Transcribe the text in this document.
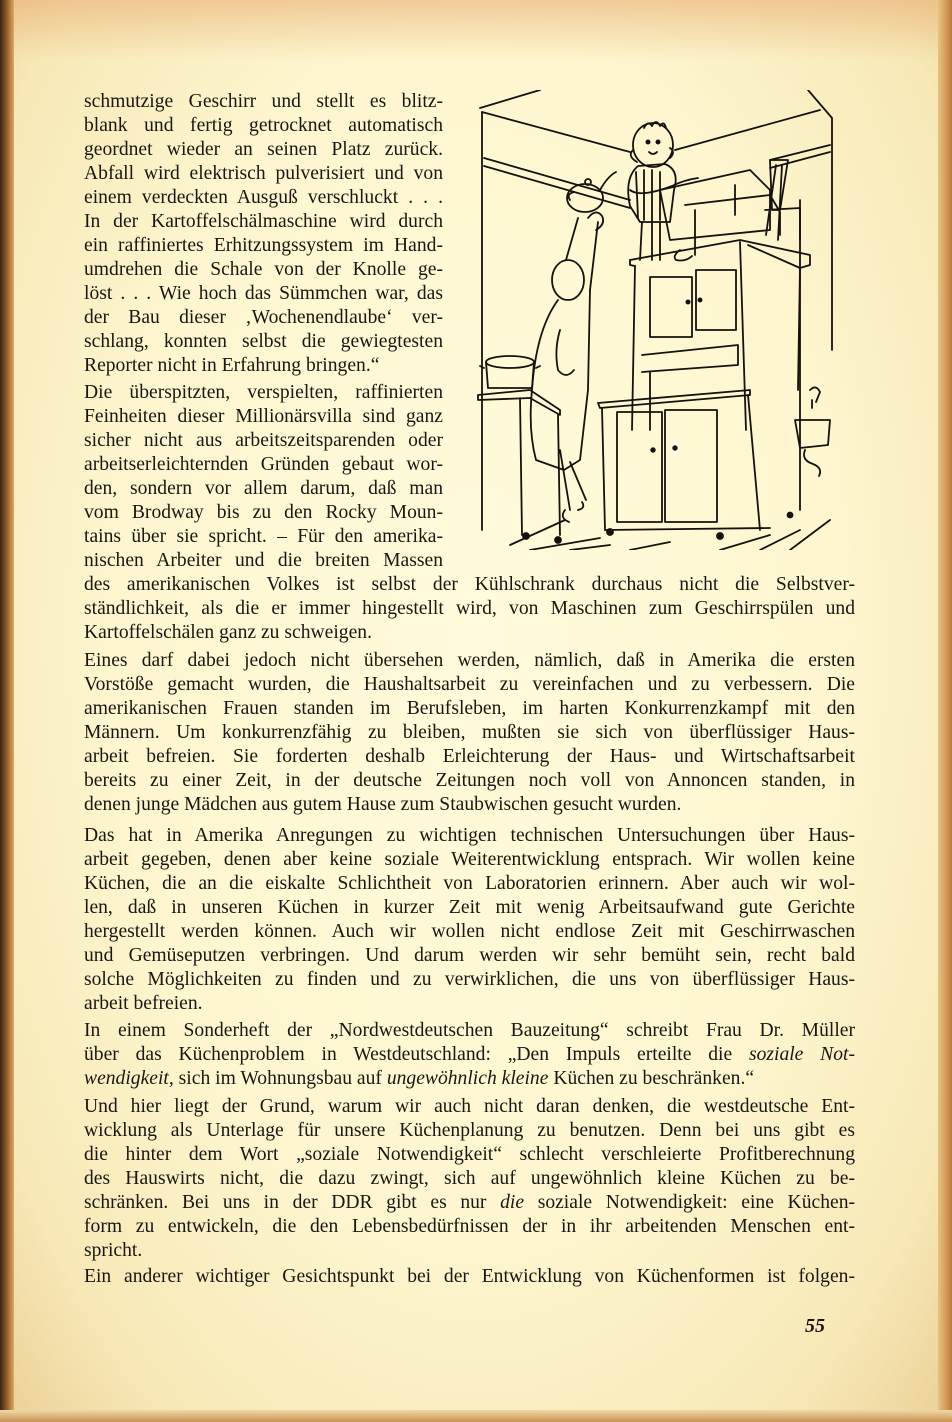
schmutzige Geschirr und stellt es blitz-
blank und fertig getrocknet automatisch
geordnet wieder an seinen Platz zurück.
Abfall wird elektrisch pulverisiert und von
einem verdeckten Ausguß verschluckt . . .
In der Kartoffelschälmaschine wird durch
ein raffiniertes Erhitzungssystem im Hand-
umdrehen die Schale von der Knolle ge-
löst . . . Wie hoch das Sümmchen war, das
der Bau dieser ‚Wochenendlaube‘ ver-
schlang, konnten selbst die gewiegtesten
Reporter nicht in Erfahrung bringen.“
Die überspitzten, verspielten, raffinierten
Feinheiten dieser Millionärsvilla sind ganz
sicher nicht aus arbeitszeitsparenden oder
arbeitserleichternden Gründen gebaut wor-
den, sondern vor allem darum, daß man
vom Brodway bis zu den Rocky Moun-
tains über sie spricht. – Für den amerika-
nischen Arbeiter und die breiten Massen
des amerikanischen Volkes ist selbst der Kühlschrank durchaus nicht die Selbstver-
ständlichkeit, als die er immer hingestellt wird, von Maschinen zum Geschirrspülen und
Kartoffelschälen ganz zu schweigen.
Eines darf dabei jedoch nicht übersehen werden, nämlich, daß in Amerika die ersten
Vorstöße gemacht wurden, die Haushaltsarbeit zu vereinfachen und zu verbessern. Die
amerikanischen Frauen standen im Berufsleben, im harten Konkurrenzkampf mit den
Männern. Um konkurrenzfähig zu bleiben, mußten sie sich von überflüssiger Haus-
arbeit befreien. Sie forderten deshalb Erleichterung der Haus- und Wirtschaftsarbeit
bereits zu einer Zeit, in der deutsche Zeitungen noch voll von Annoncen standen, in
denen junge Mädchen aus gutem Hause zum Staubwischen gesucht wurden.
Das hat in Amerika Anregungen zu wichtigen technischen Untersuchungen über Haus-
arbeit gegeben, denen aber keine soziale Weiterentwicklung entsprach. Wir wollen keine
Küchen, die an die eiskalte Schlichtheit von Laboratorien erinnern. Aber auch wir wol-
len, daß in unseren Küchen in kurzer Zeit mit wenig Arbeitsaufwand gute Gerichte
hergestellt werden können. Auch wir wollen nicht endlose Zeit mit Geschirrwaschen
und Gemüseputzen verbringen. Und darum werden wir sehr bemüht sein, recht bald
solche Möglichkeiten zu finden und zu verwirklichen, die uns von überflüssiger Haus-
arbeit befreien.
In einem Sonderheft der „Nordwestdeutschen Bauzeitung“ schreibt Frau Dr. Müller
über das Küchenproblem in Westdeutschland: „Den Impuls erteilte die soziale Not-
wendigkeit, sich im Wohnungsbau auf ungewöhnlich kleine Küchen zu beschränken.“
Und hier liegt der Grund, warum wir auch nicht daran denken, die westdeutsche Ent-
wicklung als Unterlage für unsere Küchenplanung zu benutzen. Denn bei uns gibt es
die hinter dem Wort „soziale Notwendigkeit“ schlecht verschleierte Profitberechnung
des Hauswirts nicht, die dazu zwingt, sich auf ungewöhnlich kleine Küchen zu be-
schränken. Bei uns in der DDR gibt es nur die soziale Notwendigkeit: eine Küchen-
form zu entwickeln, die den Lebensbedürfnissen der in ihr arbeitenden Menschen ent-
spricht.
Ein anderer wichtiger Gesichtspunkt bei der Entwicklung von Küchenformen ist folgen-
55
